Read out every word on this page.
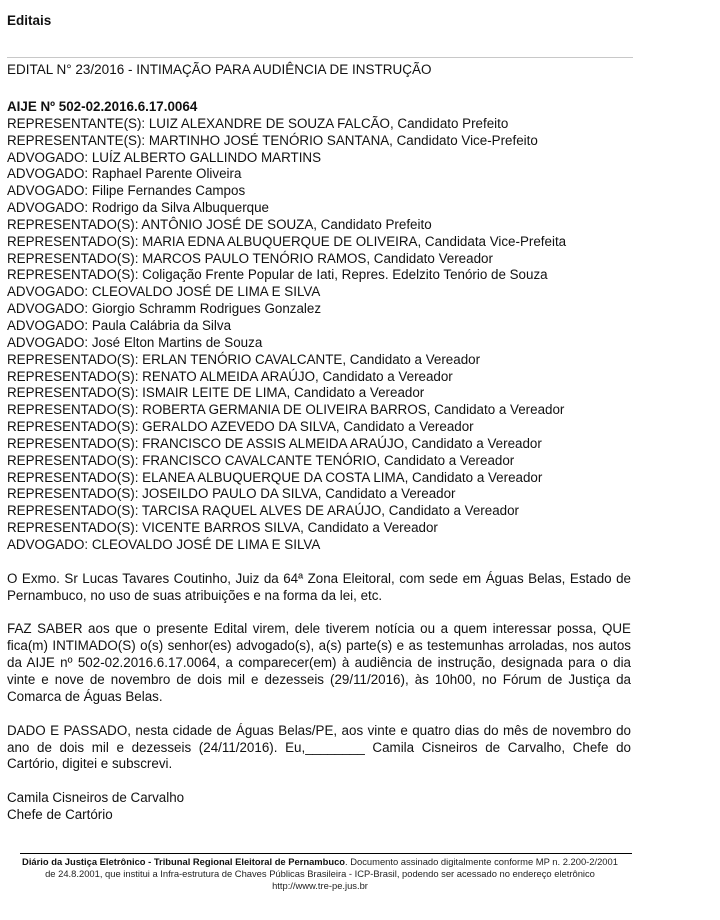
Editais
EDITAL N° 23/2016 - INTIMAÇÃO PARA AUDIÊNCIA DE INSTRUÇÃO
AIJE Nº 502-02.2016.6.17.0064
REPRESENTANTE(S): LUIZ ALEXANDRE DE SOUZA FALCÃO, Candidato Prefeito
REPRESENTANTE(S): MARTINHO JOSÉ TENÓRIO SANTANA, Candidato Vice-Prefeito
ADVOGADO: LUÍZ ALBERTO GALLINDO MARTINS
ADVOGADO: Raphael Parente Oliveira
ADVOGADO: Filipe Fernandes Campos
ADVOGADO: Rodrigo da Silva Albuquerque
REPRESENTADO(S): ANTÔNIO JOSÉ DE SOUZA, Candidato Prefeito
REPRESENTADO(S): MARIA EDNA ALBUQUERQUE DE OLIVEIRA, Candidata Vice-Prefeita
REPRESENTADO(S): MARCOS PAULO TENÓRIO RAMOS, Candidato Vereador
REPRESENTADO(S): Coligação Frente Popular de Iati, Repres. Edelzito Tenório de Souza
ADVOGADO: CLEOVALDO JOSÉ DE LIMA E SILVA
ADVOGADO: Giorgio Schramm Rodrigues Gonzalez
ADVOGADO: Paula Calábria da Silva
ADVOGADO: José Elton Martins de Souza
REPRESENTADO(S): ERLAN TENÓRIO CAVALCANTE, Candidato a Vereador
REPRESENTADO(S): RENATO ALMEIDA ARAÚJO, Candidato a Vereador
REPRESENTADO(S): ISMAIR LEITE DE LIMA, Candidato a Vereador
REPRESENTADO(S): ROBERTA GERMANIA DE OLIVEIRA BARROS, Candidato a Vereador
REPRESENTADO(S): GERALDO AZEVEDO DA SILVA, Candidato a Vereador
REPRESENTADO(S): FRANCISCO DE ASSIS ALMEIDA ARAÚJO, Candidato a Vereador
REPRESENTADO(S): FRANCISCO CAVALCANTE TENÓRIO, Candidato a Vereador
REPRESENTADO(S): ELANEA ALBUQUERQUE DA COSTA LIMA, Candidato a Vereador
REPRESENTADO(S): JOSEILDO PAULO DA SILVA, Candidato a Vereador
REPRESENTADO(S): TARCISA RAQUEL ALVES DE ARAÚJO, Candidato a Vereador
REPRESENTADO(S): VICENTE BARROS SILVA, Candidato a Vereador
ADVOGADO: CLEOVALDO JOSÉ DE LIMA E SILVA
O Exmo. Sr Lucas Tavares Coutinho, Juiz da 64ª Zona Eleitoral, com sede em Águas Belas, Estado de Pernambuco, no uso de suas atribuições e na forma da lei, etc.
FAZ SABER aos que o presente Edital virem, dele tiverem notícia ou a quem interessar possa, QUE fica(m) INTIMADO(S) o(s) senhor(es) advogado(s), a(s) parte(s) e as testemunhas arroladas, nos autos da AIJE nº 502-02.2016.6.17.0064, a comparecer(em) à audiência de instrução, designada para o dia vinte e nove de novembro de dois mil e dezesseis (29/11/2016), às 10h00, no Fórum de Justiça da Comarca de Águas Belas.
DADO E PASSADO, nesta cidade de Águas Belas/PE, aos vinte e quatro dias do mês de novembro do ano de dois mil e dezesseis (24/11/2016). Eu,________ Camila Cisneiros de Carvalho, Chefe do Cartório, digitei e subscrevi.
Camila Cisneiros de Carvalho
Chefe de Cartório
Diário da Justiça Eletrônico - Tribunal Regional Eleitoral de Pernambuco. Documento assinado digitalmente conforme MP n. 2.200-2/2001 de 24.8.2001, que institui a Infra-estrutura de Chaves Públicas Brasileira - ICP-Brasil, podendo ser acessado no endereço eletrônico http://www.tre-pe.jus.br
